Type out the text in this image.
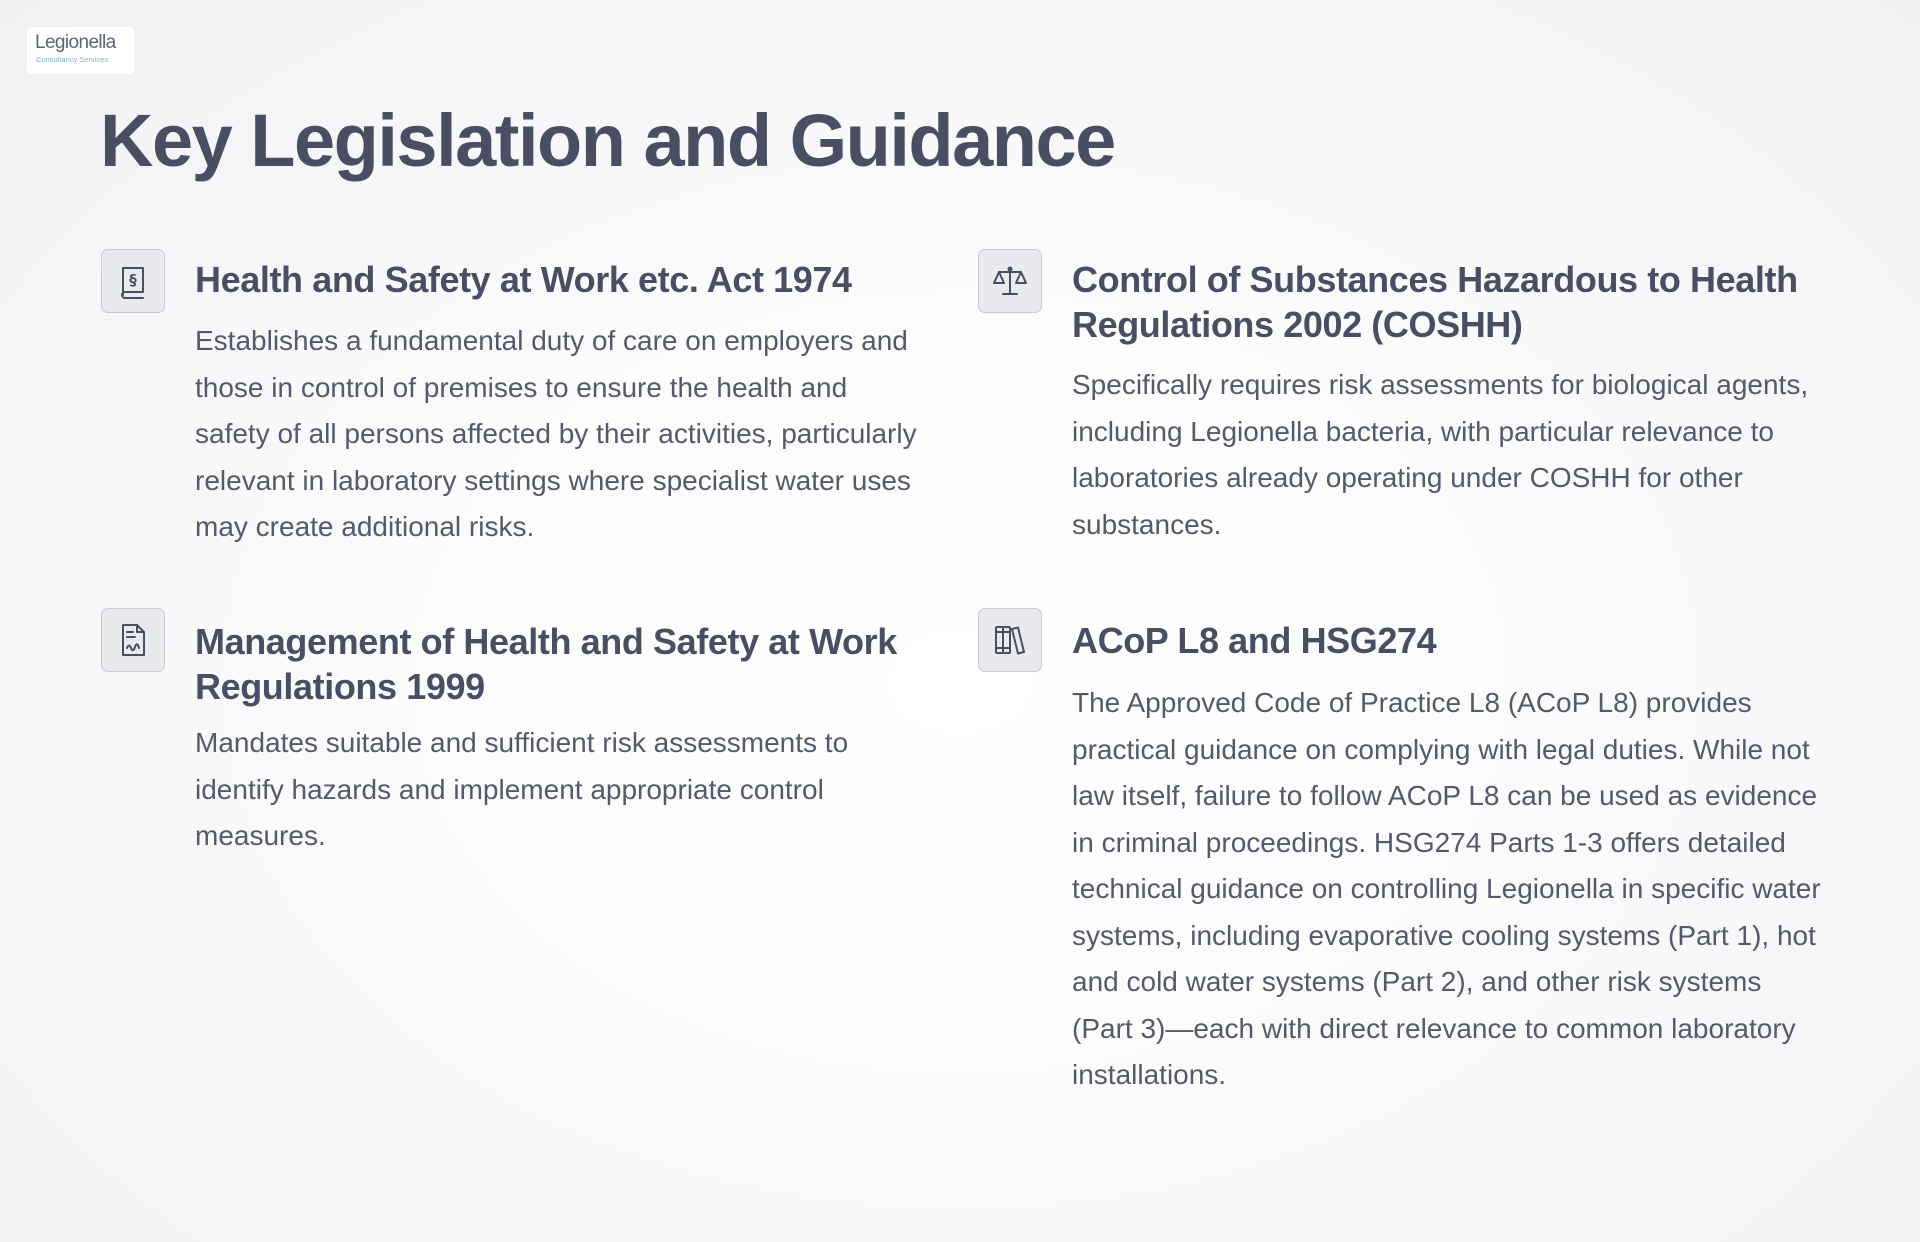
Legionella
Consultancy Services
Key Legislation and Guidance
§ Health and Safety at Work etc. Act 1974

Establishes a fundamental duty of care on employers and those in control of premises to ensure the health and safety of all persons affected by their activities, particularly relevant in laboratory settings where specialist water uses may create additional risks.

Control of Substances Hazardous to Health Regulations 2002 (COSHH)

Specifically requires risk assessments for biological agents, including Legionella bacteria, with particular relevance to laboratories already operating under COSHH for other substances.

Management of Health and Safety at Work Regulations 1999

Mandates suitable and sufficient risk assessments to identify hazards and implement appropriate control measures.

ACoP L8 and HSG274

The Approved Code of Practice L8 (ACoP L8) provides practical guidance on complying with legal duties. While not law itself, failure to follow ACoP L8 can be used as evidence in criminal proceedings. HSG274 Parts 1-3 offers detailed technical guidance on controlling Legionella in specific water systems, including evaporative cooling systems (Part 1), hot and cold water systems (Part 2), and other risk systems (Part 3)—each with direct relevance to common laboratory installations.
